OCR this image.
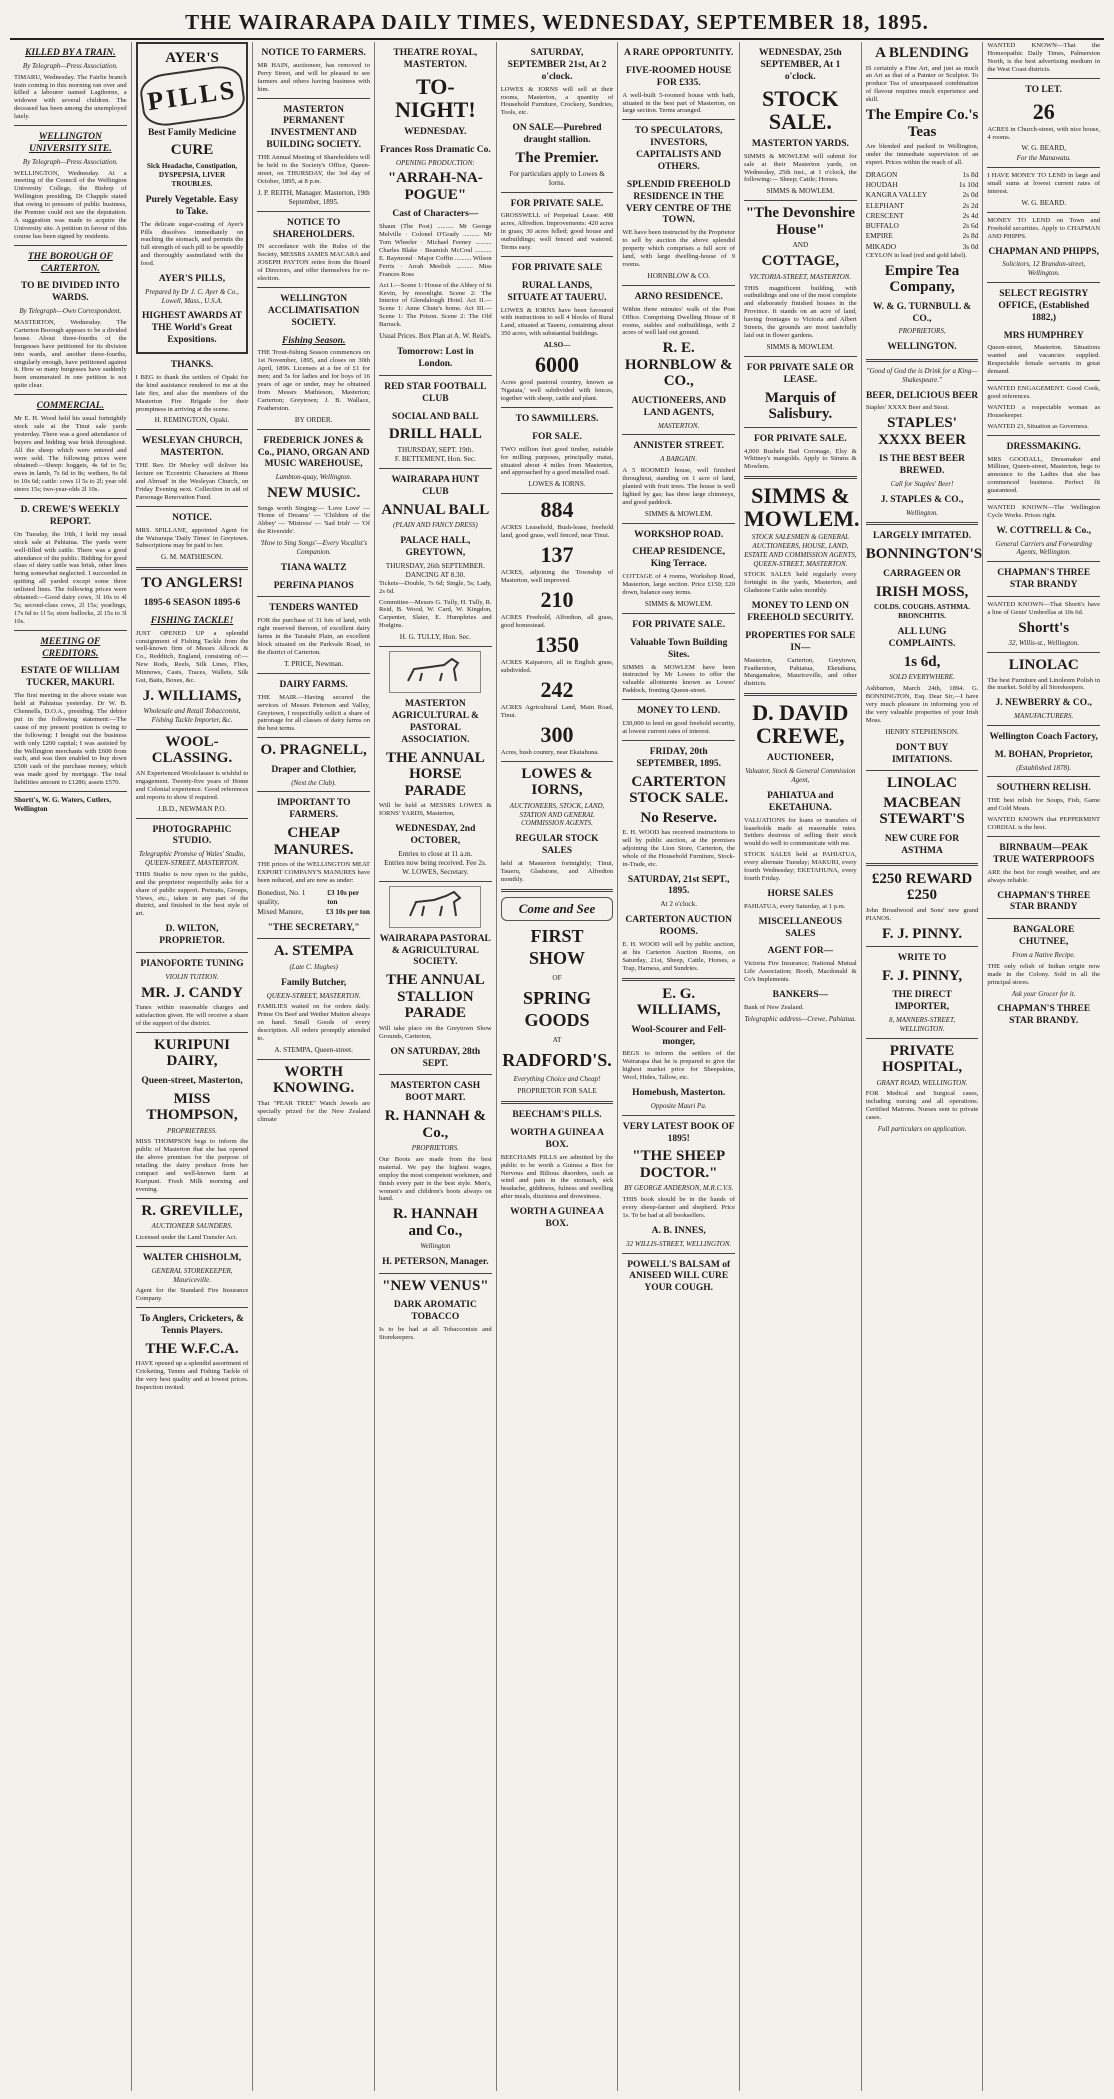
THE WAIRARAPA DAILY TIMES, WEDNESDAY, SEPTEMBER 18, 1895.
KILLED BY A TRAIN.
By Telegraph—Press Association.

TIMARU, Wednesday. The Fairlie branch train coming in this morning ran over and killed a labourer named Lagthorne, a widower with several children. The deceased has been among the unemployed lately.

WELLINGTON UNIVERSITY SITE.
By Telegraph—Press Association.

WELLINGTON, Wednesday. At a meeting of the Council of the Wellington University College, the Bishop of Wellington presiding, Dr Chapple stated that owing to pressure of public business, the Premier could not see the deputation. A suggestion was made to acquire the University site. A petition in favour of this course has been signed by residents.

THE BOROUGH OF CARTERTON.
TO BE DIVIDED INTO WARDS.
By Telegraph—Own Correspondent.

MASTERTON, Wednesday. The Carterton Borough appears to be a divided house. About three-fourths of the burgesses have petitioned for its division into wards, and another three-fourths, singularly enough, have petitioned against it. How so many burgesses have suddenly been enumerated in one petition is not quite clear.

COMMERCIAL.

Mr E. H. Wood held his usual fortnightly stock sale at the Tinui sale yards yesterday. There was a good attendance of buyers and bidding was brisk throughout. All the sheep which were entered and were sold. The following prices were obtained:—Sheep: hoggets, 4s 6d to 5s; ewes in lamb, 7s 6d to 8s; wethers, 9s 6d to 10s 6d; cattle: cows 1l 5s to 2l; year old steers 15s; two-year-olds 2l 10s.

D. CREWE'S WEEKLY REPORT.

On Tuesday, the 10th, I held my usual stock sale at Pahiatua. The yards were well-filled with cattle. There was a good attendance of the public. Bidding for good class of dairy cattle was brisk, other lines being somewhat neglected. I succeeded in quitting all yarded except some three unlisted lines. The following prices were obtained:—Good dairy cows, 3l 10s to 4l 5s; second-class cows, 2l 15s; yearlings, 17s 6d to 1l 5s; store bullocks, 2l 15s to 3l 10s.

MEETING OF CREDITORS.
ESTATE OF WILLIAM TUCKER, MAKURI.

The first meeting in the above estate was held at Pahiatua yesterday. Dr W. B. Chennells, D.O.A., presiding. The debtor put in the following statement:—The cause of my present position is owing to the following: I bought out the business with only £200 capital; I was assisted by the Wellington merchants with £600 from each, and was then enabled to buy down £500 cash of the purchase money, which was made good by mortgage. The total liabilities amount to £1286; assets £570.

Shortt's, W. G. Waters, Cutlers, Wellington
AYER'S
PILLS
Best Family Medicine
CURE
Sick Headache, Constipation, DYSPEPSIA, LIVER TROUBLES.
Purely Vegetable. Easy to Take.

The delicate sugar-coating of Ayer's Pills dissolves immediately on reaching the stomach, and permits the full strength of each pill to be speedily and thoroughly assimilated with the food.

AYER'S PILLS,
Prepared by Dr J. C. Ayer & Co., Lowell, Mass., U.S.A.
HIGHEST AWARDS AT THE World's Great Expositions.
THANKS.

I BEG to thank the settlers of Opaki for the kind assistance rendered to me at the late fire, and also the members of the Masterton Fire Brigade for their promptness in arriving at the scene.

H. REMINGTON, Opaki.
WESLEYAN CHURCH, MASTERTON.

THE Rev. Dr Morley will deliver his lecture on 'Eccentric Characters at Home and Abroad' in the Wesleyan Church, on Friday Evening next. Collection in aid of Parsonage Renovation Fund.

NOTICE.

MRS. SPILLANE, appointed Agent for the Wairarapa 'Daily Times' in Greytown. Subscriptions may be paid to her.

G. M. MATHIESON.
TO ANGLERS!
1895-6 SEASON 1895-6
FISHING TACKLE!

JUST OPENED UP a splendid consignment of Fishing Tackle from the well-known firm of Messrs Allcock & Co., Redditch, England, consisting of:— New Rods, Reels, Silk Lines, Flies, Minnows, Casts, Traces, Wallets, Silk Gut, Baits, Boxes, &c.

J. WILLIAMS,
Wholesale and Retail Tobacconist, Fishing Tackle Importer, &c.
WOOL-CLASSING.

AN Experienced Woolclasser is wishful to engagement. Twenty-five years of Home and Colonial experience. Good references and reports to show if required.

J.B.D., NEWMAN P.O.
PHOTOGRAPHIC STUDIO.
Telegraphic Promise of Wales' Studio, QUEEN-STREET, MASTERTON.

THIS Studio is now open to the public, and the proprietor respectfully asks for a share of public support. Portraits, Groups, Views, etc., taken in any part of the district, and finished in the best style of art.

D. WILTON, PROPRIETOR.
PIANOFORTE TUNING
VIOLIN TUITION.
MR. J. CANDY

Tunes within reasonable charges and satisfaction given. He will receive a share of the support of the district.

KURIPUNI DAIRY,
Queen-street, Masterton,
MISS THOMPSON,
PROPRIETRESS.

MISS THOMPSON begs to inform the public of Masterton that she has opened the above premises for the purpose of retailing the dairy produce from her compact and well-known farm at Kuripuni. Fresh Milk morning and evening.

R. GREVILLE,
AUCTIONEER SAUNDERS.

Licensed under the Land Transfer Act.

WALTER CHISHOLM,
GENERAL STOREKEEPER, Mauriceville.

Agent for the Standard Fire Insurance Company.

To Anglers, Cricketers, & Tennis Players.
THE W.F.C.A.

HAVE opened up a splendid assortment of Cricketing, Tennis and Fishing Tackle of the very best quality and at lowest prices. Inspection invited.

NOTICE TO FARMERS.

MR HAIN, auctioneer, has removed to Perry Street, and will be pleased to see farmers and others having business with him.

MASTERTON PERMANENT INVESTMENT AND BUILDING SOCIETY.

THE Annual Meeting of Shareholders will be held in the Society's Office, Queen-street, on THURSDAY, the 3rd day of October, 1895, at 8 p.m.

J. P. REITH, Manager. Masterton, 19th September, 1895.
NOTICE TO SHAREHOLDERS.

IN accordance with the Rules of the Society, MESSRS JAMES MACARA and JOSEPH PAYTON retire from the Board of Directors, and offer themselves for re-election.

WELLINGTON ACCLIMATISATION SOCIETY.
Fishing Season.

THE Trout-fishing Season commences on 1st November, 1895, and closes on 30th April, 1896. Licenses at a fee of £1 for men; and 5s for ladies and for boys of 16 years of age or under, may be obtained from Messrs Mathieson, Masterton; Carterton; Greytown; J. B. Wallace, Featherston.

BY ORDER.
FREDERICK JONES & Co., PIANO, ORGAN AND MUSIC WAREHOUSE,
Lambton-quay, Wellington.
NEW MUSIC.

Songs worth Singing:— 'Love Love' — 'Home of Dreams' — 'Children of the Abbey' — 'Mistress' — 'Sad Irish' — 'Of the Riverside'.

'How to Sing Songs'—Every Vocalist's Companion.
TIANA WALTZ
PERFINA PIANOS
TENDERS WANTED

FOR the purchase of 31 lots of land, with right reserved thereon, of excellent dairy farms in the Taratahi Plain, an excellent block situated on the Parkvale Road, in the district of Carterton.

T. PRICE, Newman.
DAIRY FARMS.

THE MAIR.—Having secured the services of Messrs Peterson and Valley, Greytown, I respectfully solicit a share of patronage for all classes of dairy farms on the best terms.

O. PRAGNELL,
Draper and Clothier,
(Next the Club).
IMPORTANT TO FARMERS.
CHEAP MANURES.

THE prices of the WELLINGTON MEAT EXPORT COMPANY'S MANURES have been reduced, and are now as under:

Bonedust, No. 1 quality,
£3 10s per ton
Mixed Manure,	£3 10s per ton
"THE SECRETARY,"
A. STEMPA
(Late C. Hughes)
Family Butcher,
QUEEN-STREET, MASTERTON.

FAMILIES waited on for orders daily. Prime Ox Beef and Wether Mutton always on hand. Small Goods of every description. All orders promptly attended to.

A. STEMPA, Queen-street.
WORTH KNOWING.

That "PEAR TREE" Watch Jewels are specially prized for the New Zealand climate

THEATRE ROYAL, MASTERTON.
TO-NIGHT!
WEDNESDAY.
Frances Ross Dramatic Co.
OPENING PRODUCTION:
"ARRAH-NA-POGUE"
Cast of Characters—

Shaun (The Post) .......... Mr George Melville · Colonel O'Grady .......... Mr Tom Wheeler · Michael Feeney .......... Charles Blake · Beamish McCoul .......... E. Raymond · Major Coffin .......... Wilson Ferris · Arrah Meelish .......... Miss Frances Ross

Act I.—Scene 1: House of the Abbey of St Kevin, by moonlight. Scene 2: The Interior of Glendalough Hotel. Act II.—Scene 1: Anne Chute's home. Act III.—Scene 1: The Prison. Scene 2: The Old Barrack.

Usual Prices. Box Plan at A. W. Reid's.
Tomorrow: Lost in London.
RED STAR FOOTBALL CLUB
SOCIAL AND BALL
DRILL HALL
THURSDAY, SEPT. 19th.
F. BETTEMENT, Hon. Sec.
WAIRARAPA HUNT CLUB
ANNUAL BALL
(PLAIN AND FANCY DRESS)
PALACE HALL, GREYTOWN,
THURSDAY, 26th SEPTEMBER.
DANCING AT 8.30.

Tickets—Double, 7s 6d; Single, 5s; Lady, 2s 6d.

Committee—Messrs G. Tully, H. Tully, R. Reid, B. Wood, W. Card, W. Kingdon, Carpenter, Slater, E. Humphries and Hodgins.

H. G. TULLY, Hon. Sec.
MASTERTON AGRICULTURAL & PASTORAL ASSOCIATION.
THE ANNUAL HORSE PARADE

Will be held at MESSRS LOWES & IORNS' YARDS, Masterton,

WEDNESDAY, 2nd OCTOBER,
Entries to close at 11 a.m.
Entries now being received. Fee 2s.
W. LOWES, Secretary.
WAIRARAPA PASTORAL & AGRICULTURAL SOCIETY.
THE ANNUAL STALLION PARADE

Will take place on the Greytown Show Grounds, Carterton,

ON SATURDAY, 28th SEPT.
MASTERTON CASH BOOT MART.
R. HANNAH & Co.,
PROPRIETORS.

Our Boots are made from the best material. We pay the highest wages, employ the most competent workmen, and finish every pair in the best style. Men's, women's and children's boots always on hand.

R. HANNAH and Co.,
Wellington
H. PETERSON, Manager.
"NEW VENUS"
DARK AROMATIC TOBACCO

Is to be had at all Tobacconists and Storekeepers.

SATURDAY, SEPTEMBER 21st, At 2 o'clock.

LOWES & IORNS will sell at their rooms, Masterton, a quantity of Household Furniture, Crockery, Sundries, Tools, etc.

ON SALE—Purebred draught stallion.
The Premier.
For particulars apply to Lowes & Iorns.
FOR PRIVATE SALE.

GROSSWELL of Perpetual Lease. 498 acres, Alfredton. Improvements: 420 acres in grass; 30 acres felled; good house and outbuildings; well fenced and watered. Terms easy.

FOR PRIVATE SALE
RURAL LANDS, SITUATE AT TAUERU.

LOWES & IORNS have been favoured with instructions to sell 4 blocks of Rural Land, situated at Taueru, containing about 350 acres, with substantial buildings.

ALSO—
6000

Acres good pastoral country, known as 'Ngatata,' well subdivided with fences, together with sheep, cattle and plant.

TO SAWMILLERS.
FOR SALE.

TWO million feet good timber, suitable for milling purposes, principally matai, situated about 4 miles from Masterton, and approached by a good metalled road.

LOWES & IORNS.
884

ACRES Leasehold, Bush-lease, freehold land, good grass, well fenced, near Tinui.

137

ACRES, adjoining the Township of Masterton, well improved.

210

ACRES Freehold, Alfredton, all grass, good homestead.

1350

ACRES Kaiparoro, all in English grass, subdivided.

242

ACRES Agricultural Land, Main Road, Tinui.

300

Acres, bush country, near Ekatahuna.

LOWES & IORNS,
AUCTIONEERS, STOCK, LAND, STATION AND GENERAL COMMISSION AGENTS.
REGULAR STOCK SALES

held at Masterton fortnightly; Tinui, Taueru, Gladstone, and Alfredton monthly.

Come and See
FIRST SHOW
OF
SPRING GOODS
AT
RADFORD'S.
Everything Choice and Cheap!
PROPRIETOR FOR SALE
BEECHAM'S PILLS.
WORTH A GUINEA A BOX.

BEECHAMS PILLS are admitted by the public to be worth a Guinea a Box for Nervous and Bilious disorders, such as wind and pain in the stomach, sick headache, giddiness, fulness and swelling after meals, dizziness and drowsiness.

WORTH A GUINEA A BOX.
A RARE OPPORTUNITY.
FIVE-ROOMED HOUSE FOR £335.

A well-built 5-roomed house with bath, situated in the best part of Masterton, on large section. Terms arranged.

TO SPECULATORS, INVESTORS, CAPITALISTS AND OTHERS.
SPLENDID FREEHOLD RESIDENCE IN THE VERY CENTRE OF THE TOWN.

WE have been instructed by the Proprietor to sell by auction the above splendid property which comprises a full acre of land, with large dwelling-house of 9 rooms.

HORNBLOW & CO.
ARNO RESIDENCE.

Within three minutes' walk of the Post Office. Comprising Dwelling House of 8 rooms, stables and outbuildings, with 2 acres of well laid out ground.

R. E. HORNBLOW & CO.,
AUCTIONEERS, AND LAND AGENTS,
MASTERTON.
ANNISTER STREET.
A BARGAIN.

A 5 ROOMED house, well finished throughout, standing on 1 acre of land, planted with fruit trees. The house is well lighted by gas; has three large chimneys, and good paddock.

SIMMS & MOWLEM.
WORKSHOP ROAD.
CHEAP RESIDENCE, King Terrace.

COTTAGE of 4 rooms, Workshop Road, Masterton, large section. Price £150; £20 down, balance easy terms.

SIMMS & MOWLEM.
FOR PRIVATE SALE.
Valuable Town Building Sites.

SIMMS & MOWLEM have been instructed by Mr Lowes to offer the valuable allotments known as Lowes' Paddock, fronting Queen-street.

MONEY TO LEND.

£30,000 to lend on good freehold security, at lowest current rates of interest.

FRIDAY, 20th SEPTEMBER, 1895.
CARTERTON STOCK SALE.
No Reserve.

E. H. WOOD has received instructions to sell by public auction, at the premises adjoining the Lion Store, Carterton, the whole of the Household Furniture, Stock-in-Trade, etc.

SATURDAY, 21st SEPT., 1895.
At 2 o'clock.
CARTERTON AUCTION ROOMS.

E. H. WOOD will sell by public auction, at his Carterton Auction Rooms, on Saturday, 21st, Sheep, Cattle, Horses, a Trap, Harness, and Sundries.

E. G. WILLIAMS,
Wool-Scourer and Fell-monger,

BEGS to inform the settlers of the Wairarapa that he is prepared to give the highest market price for Sheepskins, Wool, Hides, Tallow, etc.

Homebush, Masterton.
Opposite Mauri Pa.
VERY LATEST BOOK OF 1895!
"THE SHEEP DOCTOR."
BY GEORGE ANDERSON, M.R.C.V.S.

THIS book should be in the hands of every sheep-farmer and shepherd. Price 1s. To be had at all booksellers.

A. B. INNES,
32 WILLIS-STREET, WELLINGTON.
POWELL'S BALSAM of ANISEED WILL CURE YOUR COUGH.
WEDNESDAY, 25th SEPTEMBER, At 1 o'clock.
STOCK SALE.
MASTERTON YARDS.

SIMMS & MOWLEM will submit for sale at their Masterton yards, on Wednesday, 25th inst., at 1 o'clock, the following:— Sheep; Cattle; Horses.

SIMMS & MOWLEM.
"The Devonshire House"
AND
COTTAGE,
VICTORIA-STREET, MASTERTON.

THIS magnificent building, with outbuildings and one of the most complete and elaborately finished houses in the Province. It stands on an acre of land, having frontages to Victoria and Albert Streets, the grounds are most tastefully laid out in flower gardens.

SIMMS & MOWLEM.
FOR PRIVATE SALE OR LEASE.
Marquis of Salisbury.
FOR PRIVATE SALE.

4,000 Bushels Bad Coronage, Elsy & Whitney's mangolds. Apply to Simms & Mowlem.

SIMMS & MOWLEM.
STOCK SALESMEN & GENERAL AUCTIONEERS, HOUSE, LAND, ESTATE AND COMMISSION AGENTS, QUEEN-STREET, MASTERTON.

STOCK SALES held regularly every fortnight in the yards, Masterton, and Gladstone Cattle sales monthly.

MONEY TO LEND ON FREEHOLD SECURITY.
PROPERTIES FOR SALE IN—

Masterton, Carterton, Greytown, Featherston, Pahiatua, Eketahuna, Mangamahoe, Mauriceville, and other districts.

D. DAVID CREWE,
AUCTIONEER,
Valuator, Stock & General Commission Agent,
PAHIATUA and EKETAHUNA.

VALUATIONS for loans or transfers of leaseholds made at reasonable rates. Settlers desirous of selling their stock would do well to communicate with me.

STOCK SALES held at PAHIATUA, every alternate Tuesday; MAKURI, every fourth Wednesday; EKETAHUNA, every fourth Friday.

HORSE SALES

PAHIATUA, every Saturday, at 1 p.m.

MISCELLANEOUS SALES
AGENT FOR—

Victoria Fire Insurance; National Mutual Life Association; Booth, Macdonald & Co's Implements.

BANKERS—

Bank of New Zealand.

Telegraphic address—Crewe, Pahiatua.
A BLENDING

IS certainly a Fine Art, and just as much an Art as that of a Painter or Sculptor. To produce Tea of unsurpassed combination of flavour requires much experience and skill.

The Empire Co.'s Teas

Are blended and packed in Wellington, under the immediate supervision of an expert. Prices within the reach of all.

DRAGON	1s 8d
HOUDAH	1s 10d
KANGRA VALLEY	2s 0d
ELEPHANT	2s 2d
CRESCENT	2s 4d
BUFFALO	2s 6d
EMPIRE	2s 8d
MIKADO	3s 0d

CEYLON in lead (red and gold label).

Empire Tea Company,
W. & G. TURNBULL & CO.,
PROPRIETORS,
WELLINGTON.
"Good of God the is Drink for a King—Shakespeare."
BEER, DELICIOUS BEER

Staples' XXXX Beer and Stout.

STAPLES' XXXX BEER
IS THE BEST BEER BREWED.
Call for Staples' Beer!
J. STAPLES & CO.,
Wellington.
LARGELY IMITATED.
BONNINGTON'S
CARRAGEEN OR
IRISH MOSS,
COLDS. COUGHS. ASTHMA. BRONCHITIS.
ALL LUNG COMPLAINTS.
1s 6d,
SOLD EVERYWHERE.

Ashburton, March 24th, 1894. G. BONNINGTON, Esq. Dear Sir,—I have very much pleasure in informing you of the very valuable properties of your Irish Moss.

HENRY STEPHENSON.
DON'T BUY IMITATIONS.
LINOLAC
MACBEAN STEWART'S
NEW CURE FOR ASTHMA
£250 REWARD £250

John Broadwood and Sons' new grand PIANOS.

F. J. PINNY.
WRITE TO
F. J. PINNY,
THE DIRECT IMPORTER,
8, MANNERS-STREET, WELLINGTON.
PRIVATE HOSPITAL,
GRANT ROAD, WELLINGTON.

FOR Medical and Surgical cases, including nursing and all operations. Certified Matrons. Nurses sent to private cases.

Full particulars on application.

WANTED KNOWN—That the Homeopathic Daily Times, Palmerston North, is the best advertising medium in the West Coast districts.

TO LET.
26

ACRES in Church-street, with nice house, 4 rooms.

W. G. BEARD,
For the Manawatu.

I HAVE MONEY TO LEND in large and small sums at lowest current rates of interest.

W. G. BEARD.

MONEY TO LEND on Town and Freehold securities. Apply to CHAPMAN AND PHIPPS.

CHAPMAN AND PHIPPS,
Solicitors, 12 Brandon-street, Wellington.
SELECT REGISTRY OFFICE, (Established 1882,)
MRS HUMPHREY

Queen-street, Masterton. Situations wanted and vacancies supplied. Respectable female servants in great demand.

WANTED ENGAGEMENT. Good Cook, good references.

WANTED a respectable woman as Housekeeper.

WANTED 23, Situation as Governess.

DRESSMAKING.

MRS GOODALL, Dressmaker and Milliner, Queen-street, Masterton, begs to announce to the Ladies that she has commenced business. Perfect fit guaranteed.

WANTED KNOWN—The Wellington Cycle Works. Prices right.

W. COTTRELL & Co.,
General Carriers and Forwarding Agents, Wellington.
CHAPMAN'S THREE STAR BRANDY

WANTED KNOWN—That Shortt's have a line of Gents' Umbrellas at 10s 6d.

Shortt's
32, Willis-st., Wellington.
LINOLAC

The best Furniture and Linoleum Polish in the market. Sold by all Storekeepers.

J. NEWBERRY & CO.,
MANUFACTURERS.
Wellington Coach Factory,
M. BOHAN, Proprietor,
(Established 1878).
SOUTHERN RELISH.

THE best relish for Soups, Fish, Game and Cold Meats.

WANTED KNOWN that PEPPERMINT CORDIAL is the best.

BIRNBAUM—PEAK TRUE WATERPROOFS

ARE the best for rough weather, and are always reliable.

CHAPMAN'S THREE STAR BRANDY
BANGALORE CHUTNEE,
From a Native Recipe.

THE only relish of Indian origin now made in the Colony. Sold in all the principal stores.

Ask your Grocer for it.
CHAPMAN'S THREE STAR BRANDY.
